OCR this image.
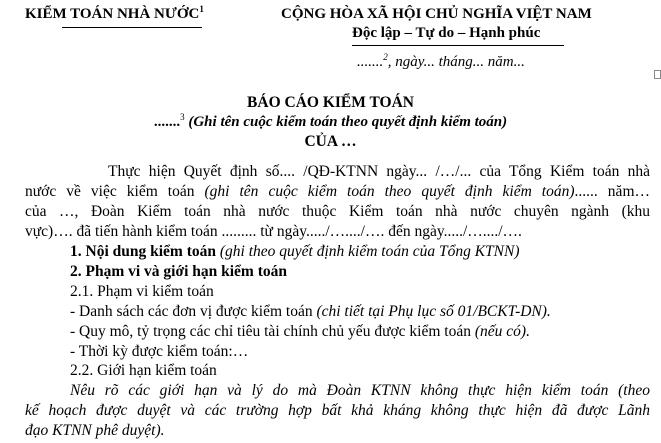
KIỂM TOÁN NHÀ NƯỚC$^1$	CỘNG HÒA XÃ HỘI CHỦ NGHĨA VIỆT NAM
Độc lập – Tự do – Hạnh phúc
.......$^2$, ngày... tháng... năm...
BÁO CÁO KIỂM TOÁN
.......$^3$ (Ghi tên cuộc kiểm toán theo quyết định kiểm toán)
CỦA …
Thực hiện Quyết định số.... /QĐ-KTNN ngày... /…/... của Tổng Kiểm toán nhà
nước về việc kiểm toán (ghi tên cuộc kiểm toán theo quyết định kiểm toán)...... năm…
của …, Đoàn Kiểm toán nhà nước thuộc Kiểm toán nhà nước chuyên ngành (khu
vực)…. đã tiến hành kiểm toán ......... từ ngày...../…..../…. đến ngày...../…..../….
1. Nội dung kiểm toán (ghi theo quyết định kiểm toán của Tổng KTNN)
2. Phạm vi và giới hạn kiểm toán
2.1. Phạm vi kiểm toán
- Danh sách các đơn vị được kiểm toán (chi tiết tại Phụ lục số 01/BCKT-DN).
- Quy mô, tỷ trọng các chỉ tiêu tài chính chủ yếu được kiểm toán (nếu có).
- Thời kỳ được kiểm toán:…
2.2. Giới hạn kiểm toán
Nêu rõ các giới hạn và lý do mà Đoàn KTNN không thực hiện kiểm toán (theo
kế hoạch được duyệt và các trường hợp bất khả kháng không thực hiện đã được Lãnh
đạo KTNN phê duyệt).
